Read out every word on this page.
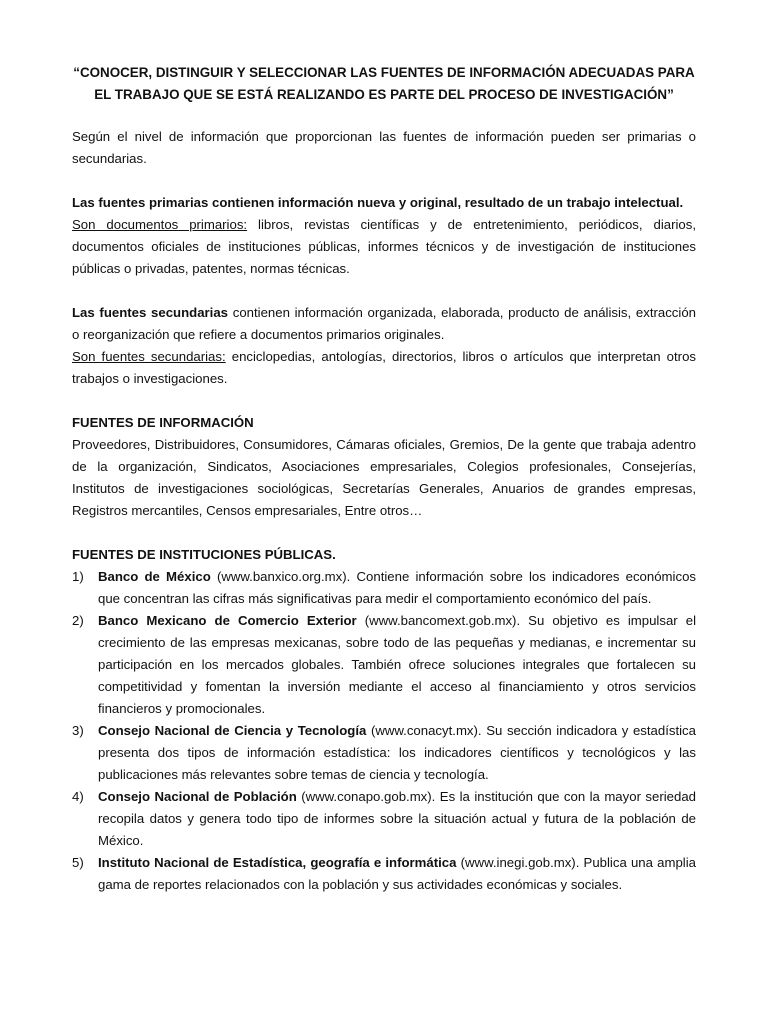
“CONOCER, DISTINGUIR Y SELECCIONAR LAS FUENTES DE INFORMACIÓN ADECUADAS PARA EL TRABAJO QUE SE ESTÁ REALIZANDO ES PARTE DEL PROCESO DE INVESTIGACIÓN”

Según el nivel de información que proporcionan las fuentes de información pueden ser primarias o secundarias.

Las fuentes primarias contienen información nueva y original, resultado de un trabajo intelectual.
Son documentos primarios: libros, revistas científicas y de entretenimiento, periódicos, diarios, documentos oficiales de instituciones públicas, informes técnicos y de investigación de instituciones públicas o privadas, patentes, normas técnicas.

Las fuentes secundarias contienen información organizada, elaborada, producto de análisis, extracción o reorganización que refiere a documentos primarios originales.
Son fuentes secundarias: enciclopedias, antologías, directorios, libros o artículos que interpretan otros trabajos o investigaciones.

FUENTES DE INFORMACIÓN

Proveedores, Distribuidores, Consumidores, Cámaras oficiales, Gremios, De la gente que trabaja adentro de la organización, Sindicatos, Asociaciones empresariales, Colegios profesionales, Consejerías, Institutos de investigaciones sociológicas, Secretarías Generales, Anuarios de grandes empresas, Registros mercantiles, Censos empresariales, Entre otros…

FUENTES DE INSTITUCIONES PÚBLICAS.
1) Banco de México (www.banxico.org.mx). Contiene información sobre los indicadores económicos que concentran las cifras más significativas para medir el comportamiento económico del país.
2) Banco Mexicano de Comercio Exterior (www.bancomext.gob.mx). Su objetivo es impulsar el crecimiento de las empresas mexicanas, sobre todo de las pequeñas y medianas, e incrementar su participación en los mercados globales. También ofrece soluciones integrales que fortalecen su competitividad y fomentan la inversión mediante el acceso al financiamiento y otros servicios financieros y promocionales.
3) Consejo Nacional de Ciencia y Tecnología (www.conacyt.mx). Su sección indicadora y estadística presenta dos tipos de información estadística: los indicadores científicos y tecnológicos y las publicaciones más relevantes sobre temas de ciencia y tecnología.
4) Consejo Nacional de Población (www.conapo.gob.mx). Es la institución que con la mayor seriedad recopila datos y genera todo tipo de informes sobre la situación actual y futura de la población de México.
5) Instituto Nacional de Estadística, geografía e informática (www.inegi.gob.mx). Publica una amplia gama de reportes relacionados con la población y sus actividades económicas y sociales.
